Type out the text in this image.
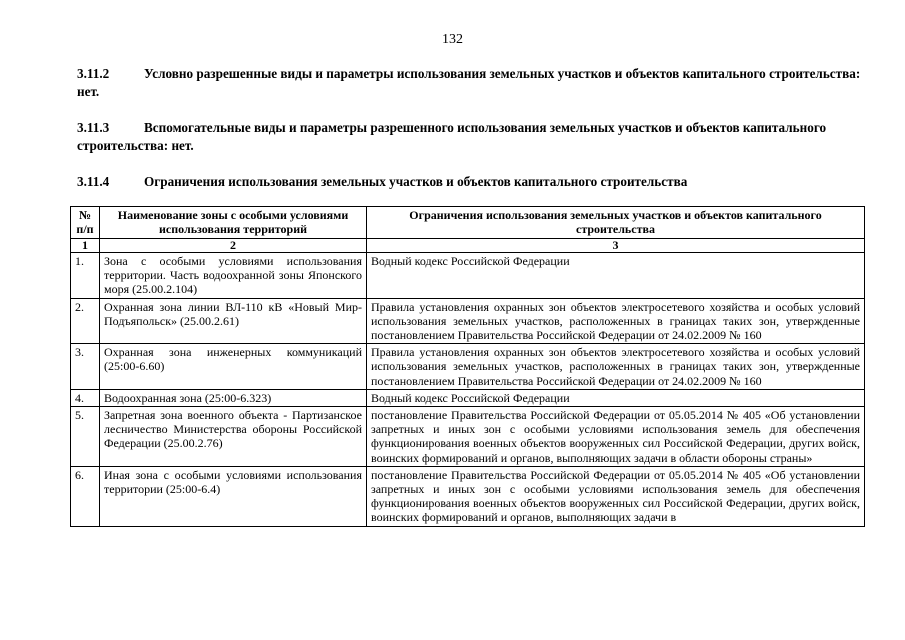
132
3.11.2	Условно разрешенные виды и параметры использования земельных участков и объектов капитального строительства: нет.
3.11.3	Вспомогательные виды и параметры разрешенного использования земельных участков и объектов капитального строительства: нет.
3.11.4	Ограничения использования земельных участков и объектов капитального строительства
№ п/п	Наименование зоны с особыми условиями использования территорий	Ограничения использования земельных участков и объектов капитального строительства
1	2	3
1.	Зона с особыми условиями использования территории. Часть водоохранной зоны Японского моря (25.00.2.104)	Водный кодекс Российской Федерации
2.	Охранная зона линии ВЛ-110 кВ «Новый Мир-Подъяпольск» (25.00.2.61)	Правила установления охранных зон объектов электросетевого хозяйства и особых условий использования земельных участков, расположенных в границах таких зон, утвержденные постановлением Правительства Российской Федерации от 24.02.2009 № 160
3.	Охранная зона инженерных коммуникаций (25:00-6.60)	Правила установления охранных зон объектов электросетевого хозяйства и особых условий использования земельных участков, расположенных в границах таких зон, утвержденные постановлением Правительства Российской Федерации от 24.02.2009 № 160
4.	Водоохранная зона (25:00-6.323)	Водный кодекс Российской Федерации
5.	Запретная зона военного объекта - Партизанское лесничество Министерства обороны Российской Федерации (25.00.2.76)	постановление Правительства Российской Федерации от 05.05.2014 № 405 «Об установлении запретных и иных зон с особыми условиями использования земель для обеспечения функционирования военных объектов вооруженных сил Российской Федерации, других войск, воинских формирований и органов, выполняющих задачи в области обороны страны»
6.	Иная зона с особыми условиями использования территории (25:00-6.4)	постановление Правительства Российской Федерации от 05.05.2014 № 405 «Об установлении запретных и иных зон с особыми условиями использования земель для обеспечения функционирования военных объектов вооруженных сил Российской Федерации, других войск, воинских формирований и органов, выполняющих задачи в
